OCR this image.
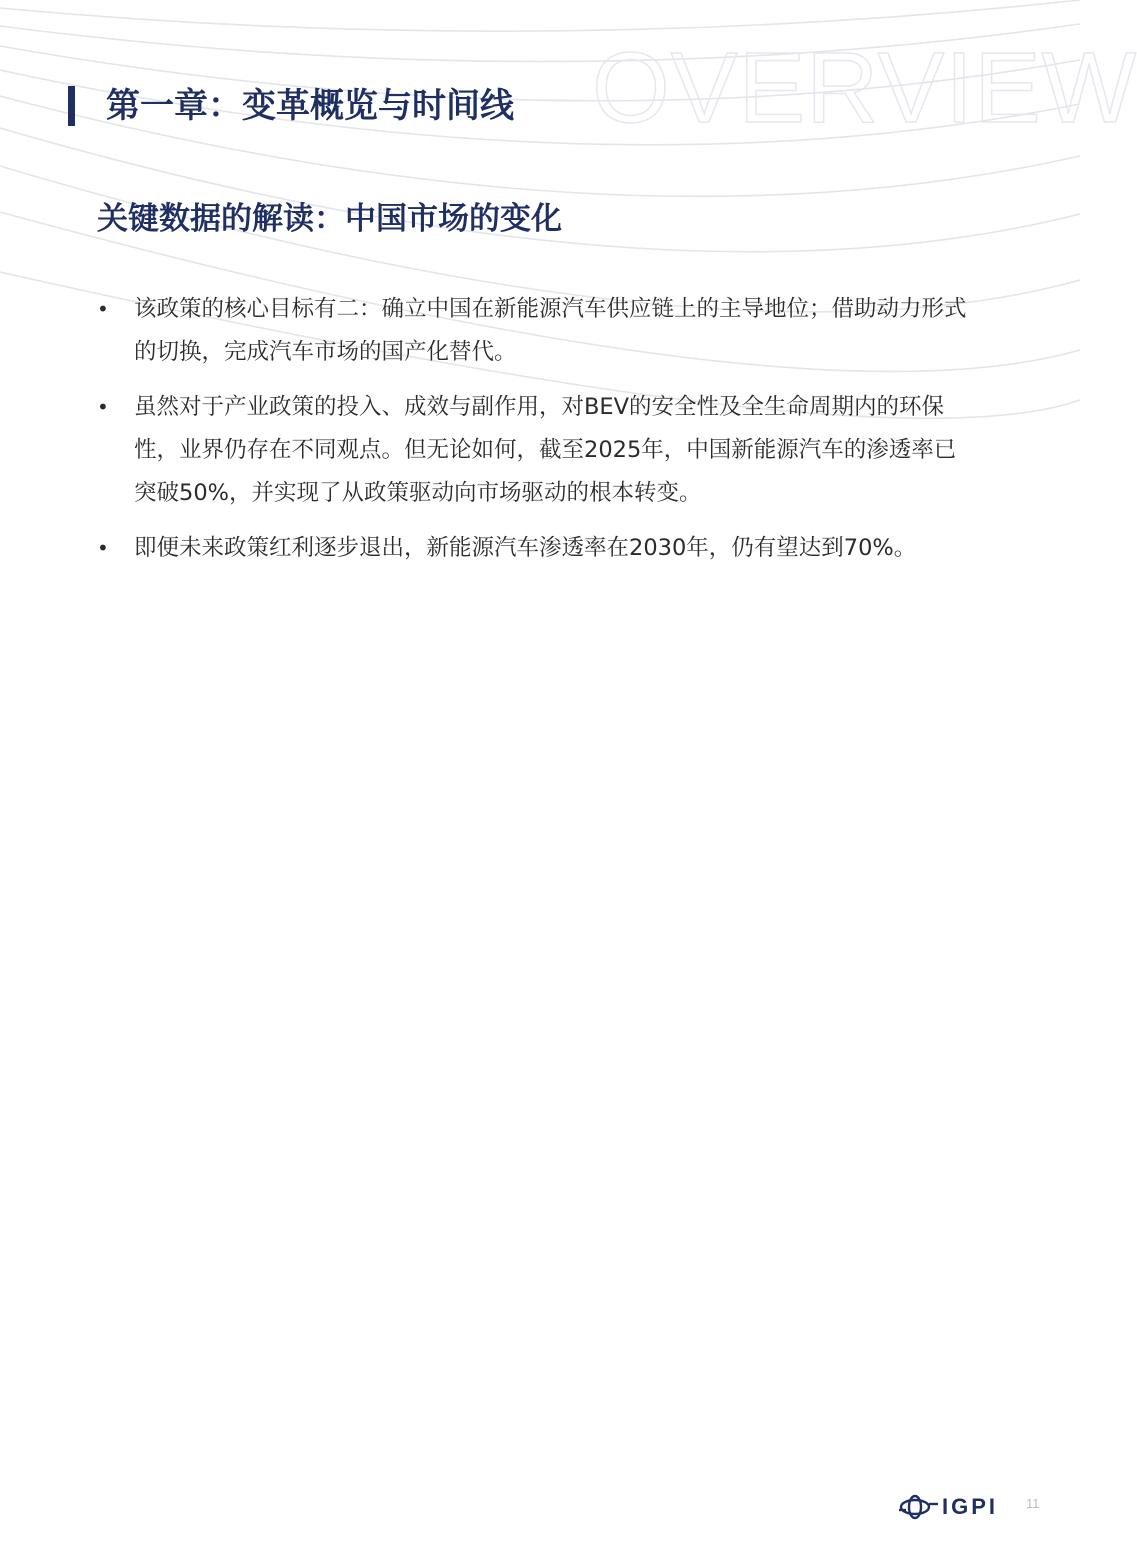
OVERVIEW
第一章：变革概览与时间线
关键数据的解读：中国市场的变化
• 该政策的核心目标有二：确立中国在新能源汽车供应链上的主导地位；借助动力形式的切换，完成汽车市场的国产化替代。
• 虽然对于产业政策的投入、成效与副作用，对BEV的安全性及全生命周期内的环保性，业界仍存在不同观点。但无论如何，截至2025年，中国新能源汽车的渗透率已突破50%，并实现了从政策驱动向市场驱动的根本转变。
• 即便未来政策红利逐步退出，新能源汽车渗透率在2030年，仍有望达到70%。
IGPI 11
